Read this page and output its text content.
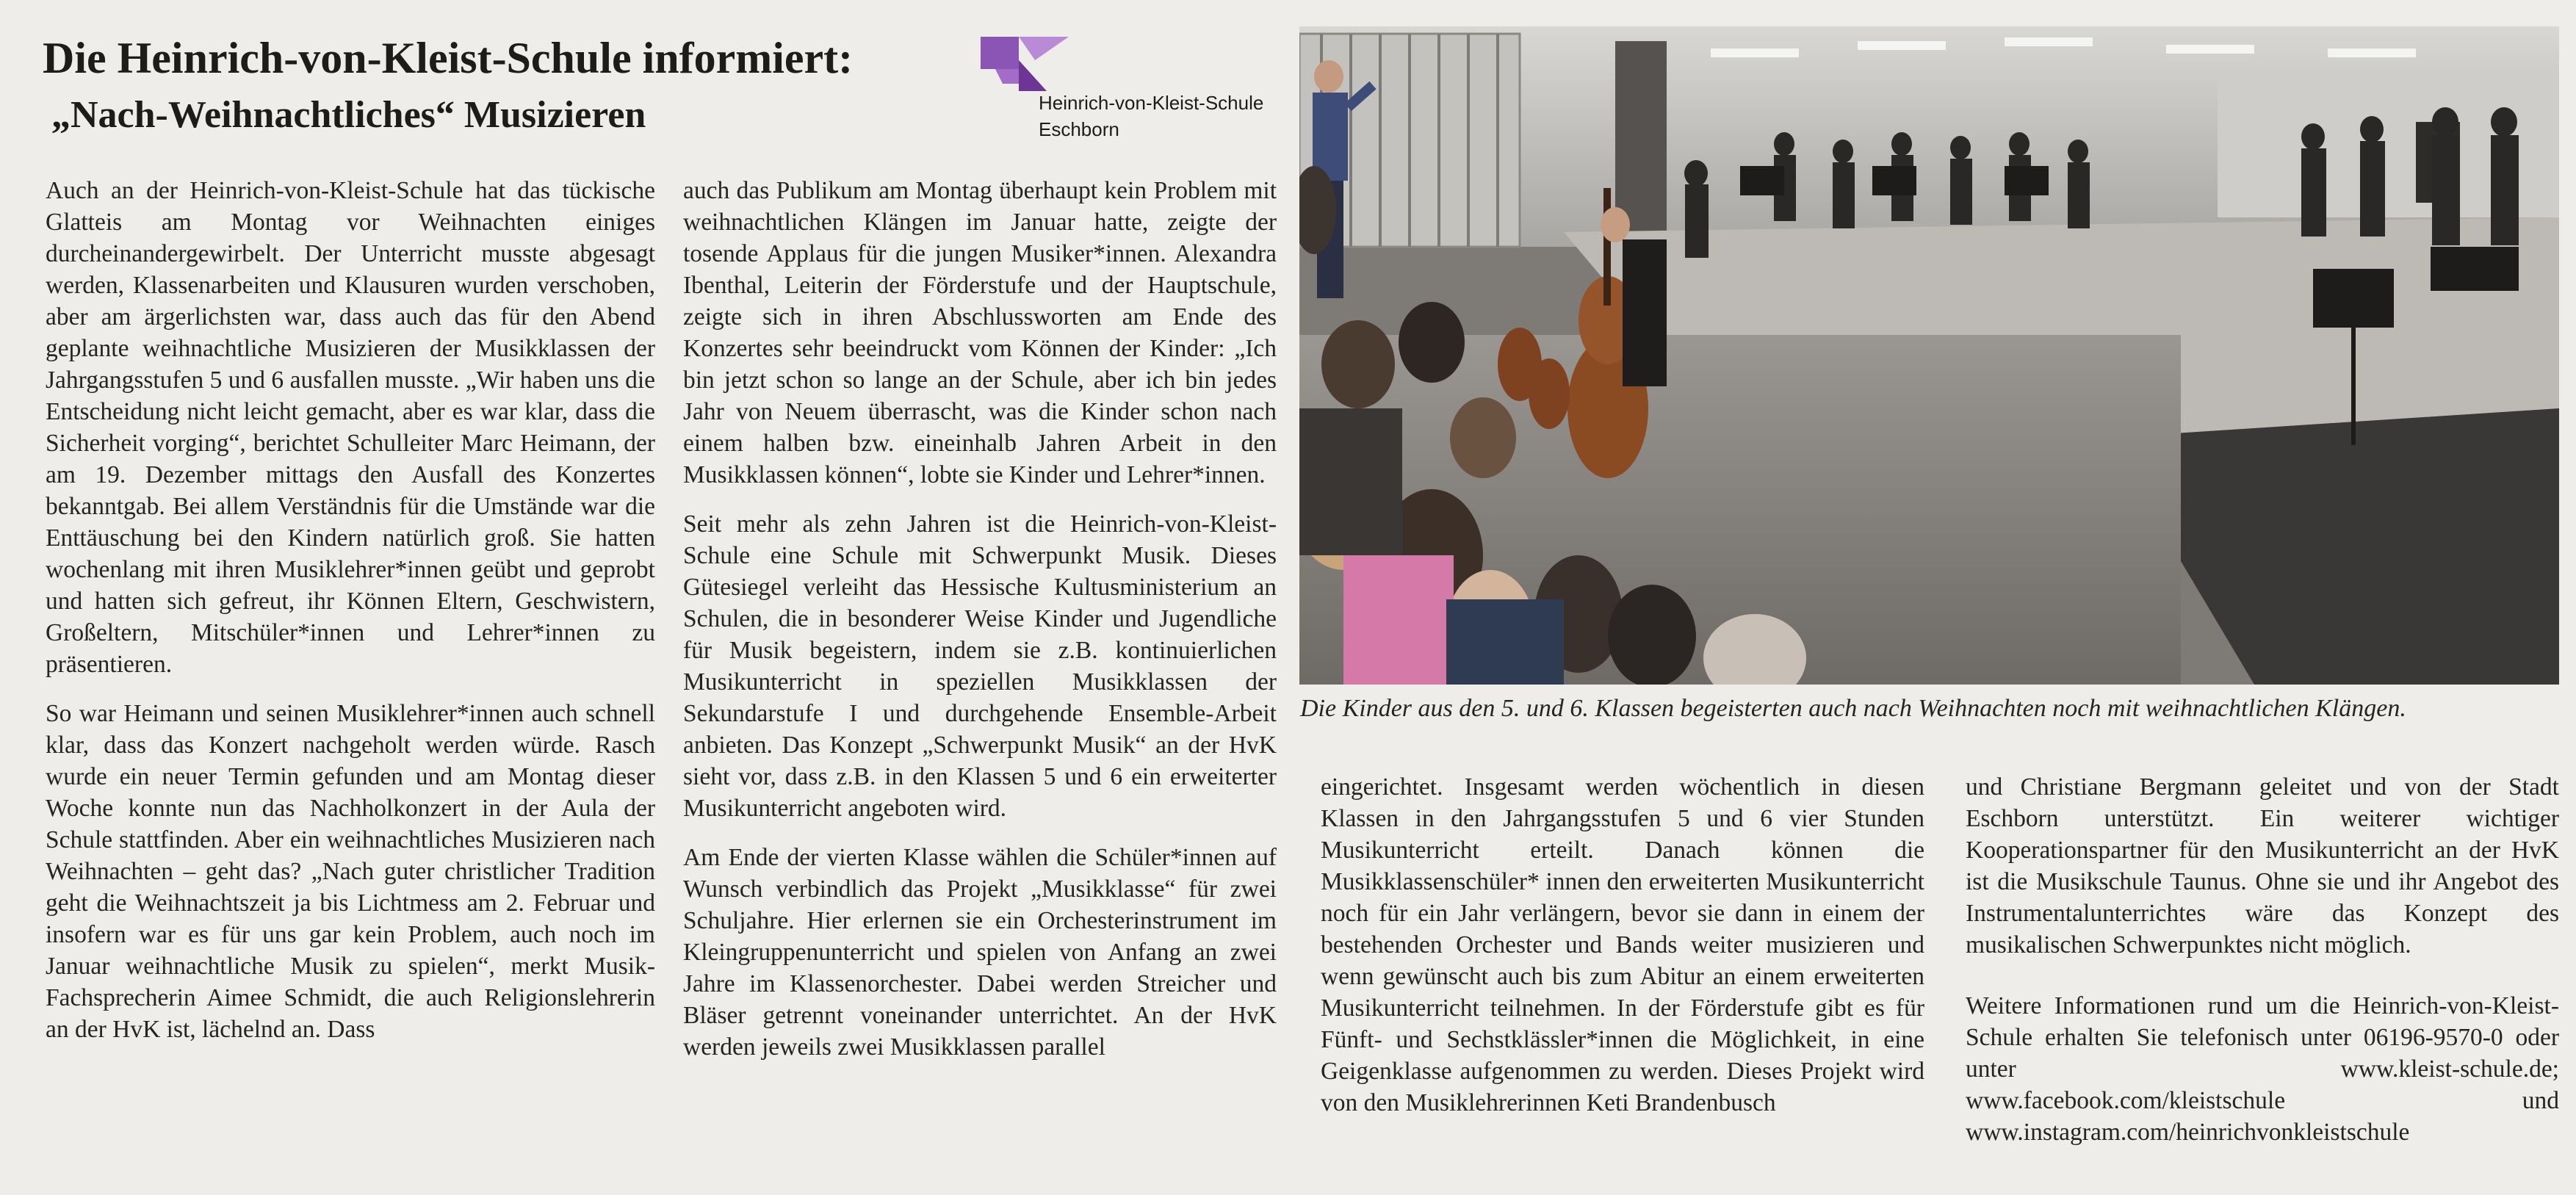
Die Heinrich-von-Kleist-Schule informiert:
„Nach-Weihnachtliches“ Musizieren	Heinrich-von-Kleist-Schule
Eschborn

Auch an der Heinrich-von-Kleist-Schule hat das tückische Glatteis am Montag vor Weihnachten einiges durcheinandergewirbelt. Der Unterricht musste abgesagt werden, Klassenarbeiten und Klausuren wurden verschoben, aber am ärgerlichsten war, dass auch das für den Abend geplante weihnachtliche Musizieren der Musikklassen der Jahrgangsstufen 5 und 6 ausfallen musste. „Wir haben uns die Entscheidung nicht leicht gemacht, aber es war klar, dass die Sicherheit vorging“, berichtet Schulleiter Marc Heimann, der am 19. Dezember mittags den Ausfall des Konzertes bekanntgab. Bei allem Verständnis für die Umstände war die Enttäuschung bei den Kindern natürlich groß. Sie hatten wochenlang mit ihren Musiklehrer*innen geübt und geprobt und hatten sich gefreut, ihr Können Eltern, Geschwistern, Großeltern, Mitschüler*innen und Lehrer*innen zu präsentieren.

So war Heimann und seinen Musiklehrer*innen auch schnell klar, dass das Konzert nachgeholt werden würde. Rasch wurde ein neuer Termin gefunden und am Montag dieser Woche konnte nun das Nachholkonzert in der Aula der Schule stattfinden. Aber ein weihnachtliches Musizieren nach Weihnachten – geht das? „Nach guter christlicher Tradition geht die Weihnachtszeit ja bis Lichtmess am 2. Februar und insofern war es für uns gar kein Problem, auch noch im Januar weihnachtliche Musik zu spielen“, merkt Musik-Fachsprecherin Aimee Schmidt, die auch Religionslehrerin an der HvK ist, lächelnd an. Dass

auch das Publikum am Montag überhaupt kein Problem mit weihnachtlichen Klängen im Januar hatte, zeigte der tosende Applaus für die jungen Musiker*innen. Alexandra Ibenthal, Leiterin der Förderstufe und der Hauptschule, zeigte sich in ihren Abschlussworten am Ende des Konzertes sehr beeindruckt vom Können der Kinder: „Ich bin jetzt schon so lange an der Schule, aber ich bin jedes Jahr von Neuem überrascht, was die Kinder schon nach einem halben bzw. eineinhalb Jahren Arbeit in den Musikklassen können“, lobte sie Kinder und Lehrer*innen.

Seit mehr als zehn Jahren ist die Heinrich-von-Kleist-Schule eine Schule mit Schwerpunkt Musik. Dieses Gütesiegel verleiht das Hessische Kultusministerium an Schulen, die in besonderer Weise Kinder und Jugendliche für Musik begeistern, indem sie z.B. kontinuierlichen Musikunterricht in speziellen Musikklassen der Sekundarstufe I und durchgehende Ensemble-Arbeit anbieten. Das Konzept „Schwerpunkt Musik“ an der HvK sieht vor, dass z.B. in den Klassen 5 und 6 ein erweiterter Musikunterricht angeboten wird.

Am Ende der vierten Klasse wählen die Schüler*innen auf Wunsch verbindlich das Projekt „Musikklasse“ für zwei Schuljahre. Hier erlernen sie ein Orchesterinstrument im Kleingruppenunterricht und spielen von Anfang an zwei Jahre im Klassenorchester. Dabei werden Streicher und Bläser getrennt voneinander unterrichtet. An der HvK werden jeweils zwei Musikklassen parallel

Die Kinder aus den 5. und 6. Klassen begeisterten auch nach Weihnachten noch mit weihnachtlichen Klängen.

eingerichtet. Insgesamt werden wöchentlich in diesen Klassen in den Jahrgangsstufen 5 und 6 vier Stunden Musikunterricht erteilt. Danach können die Musikklassenschüler* innen den erweiterten Musikunterricht noch für ein Jahr verlängern, bevor sie dann in einem der bestehenden Orchester und Bands weiter musizieren und wenn gewünscht auch bis zum Abitur an einem erweiterten Musikunterricht teilnehmen. In der Förderstufe gibt es für Fünft- und Sechstklässler*innen die Möglichkeit, in eine Geigenklasse aufgenommen zu werden. Dieses Projekt wird von den Musiklehrerinnen Keti Brandenbusch

und Christiane Bergmann geleitet und von der Stadt Eschborn unterstützt. Ein weiterer wichtiger Kooperationspartner für den Musikunterricht an der HvK ist die Musikschule Taunus. Ohne sie und ihr Angebot des Instrumentalunterrichtes wäre das Konzept des musikalischen Schwerpunktes nicht möglich.

Weitere Informationen rund um die Heinrich-von-Kleist-Schule erhalten Sie telefonisch unter 06196-9570-0 oder unter www.kleist-schule.de; www.facebook.com/kleistschule und www.instagram.com/heinrichvonkleistschule
